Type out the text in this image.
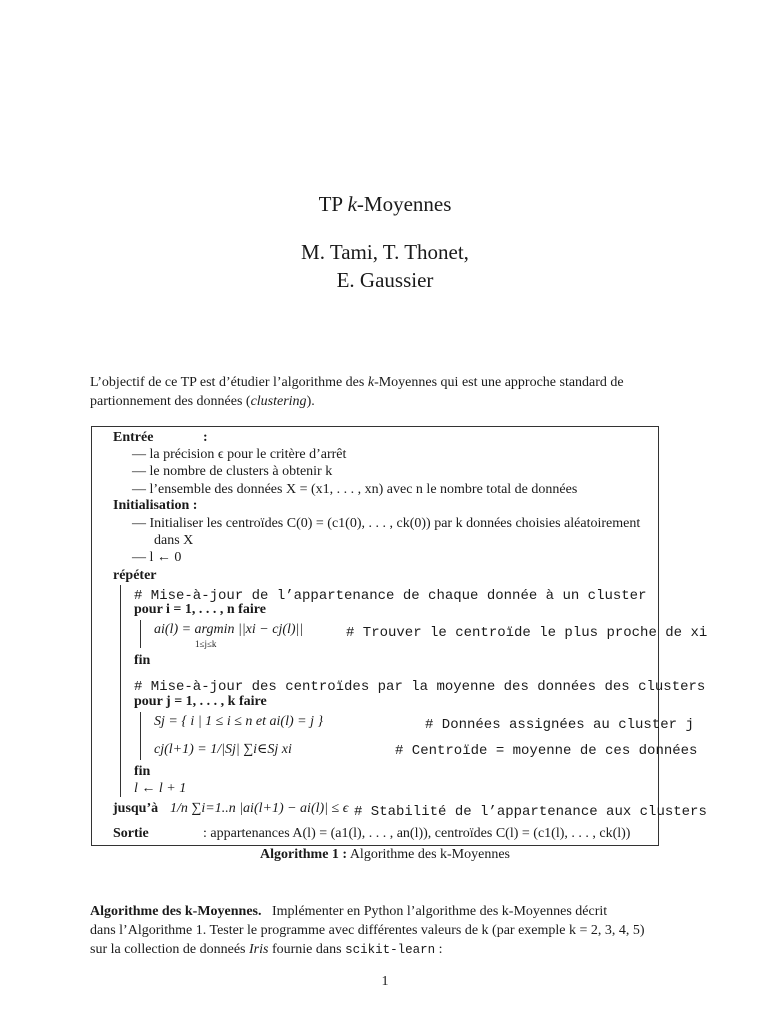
TP k-Moyennes
M. Tami, T. Thonet,
E. Gaussier
L’objectif de ce TP est d’étudier l’algorithme des k-Moyennes qui est une approche standard de partionnement des données (clustering).
Entrée	:
— la précision ϵ pour le critère d’arrêt
— le nombre de clusters à obtenir k
— l’ensemble des données X = (x1, . . . , xn) avec n le nombre total de données
Initialisation :
— Initialiser les centroïdes C(0) = (c1(0), . . . , ck(0)) par k données choisies aléatoirement
dans X
— l ← 0
répéter
# Mise-à-jour de l’appartenance de chaque donnée à un cluster
pour i = 1, . . . , n faire
ai(l) = argmin ||xi − cj(l)||
1≤j≤k
# Trouver le centroïde le plus proche de xi
fin
# Mise-à-jour des centroïdes par la moyenne des données des clusters
pour j = 1, . . . , k faire
Sj = { i | 1 ≤ i ≤ n et ai(l) = j }	# Données assignées au cluster j
cj(l+1) = 1/|Sj| ∑i∈Sj xi	# Centroïde = moyenne de ces données
fin
l ← l + 1
jusqu’à 1/n ∑i=1..n |ai(l+1) − ai(l)| ≤ ϵ # Stabilité de l’appartenance aux clusters
Sortie	: appartenances A(l) = (a1(l), . . . , an(l)), centroïdes C(l) = (c1(l), . . . , ck(l))
Algorithme 1 : Algorithme des k-Moyennes
Algorithme des k-Moyennes. Implémenter en Python l’algorithme des k-Moyennes décrit
dans l’Algorithme 1. Tester le programme avec différentes valeurs de k (par exemple k = 2, 3, 4, 5)
sur la collection de donneés Iris fournie dans scikit-learn :
1
